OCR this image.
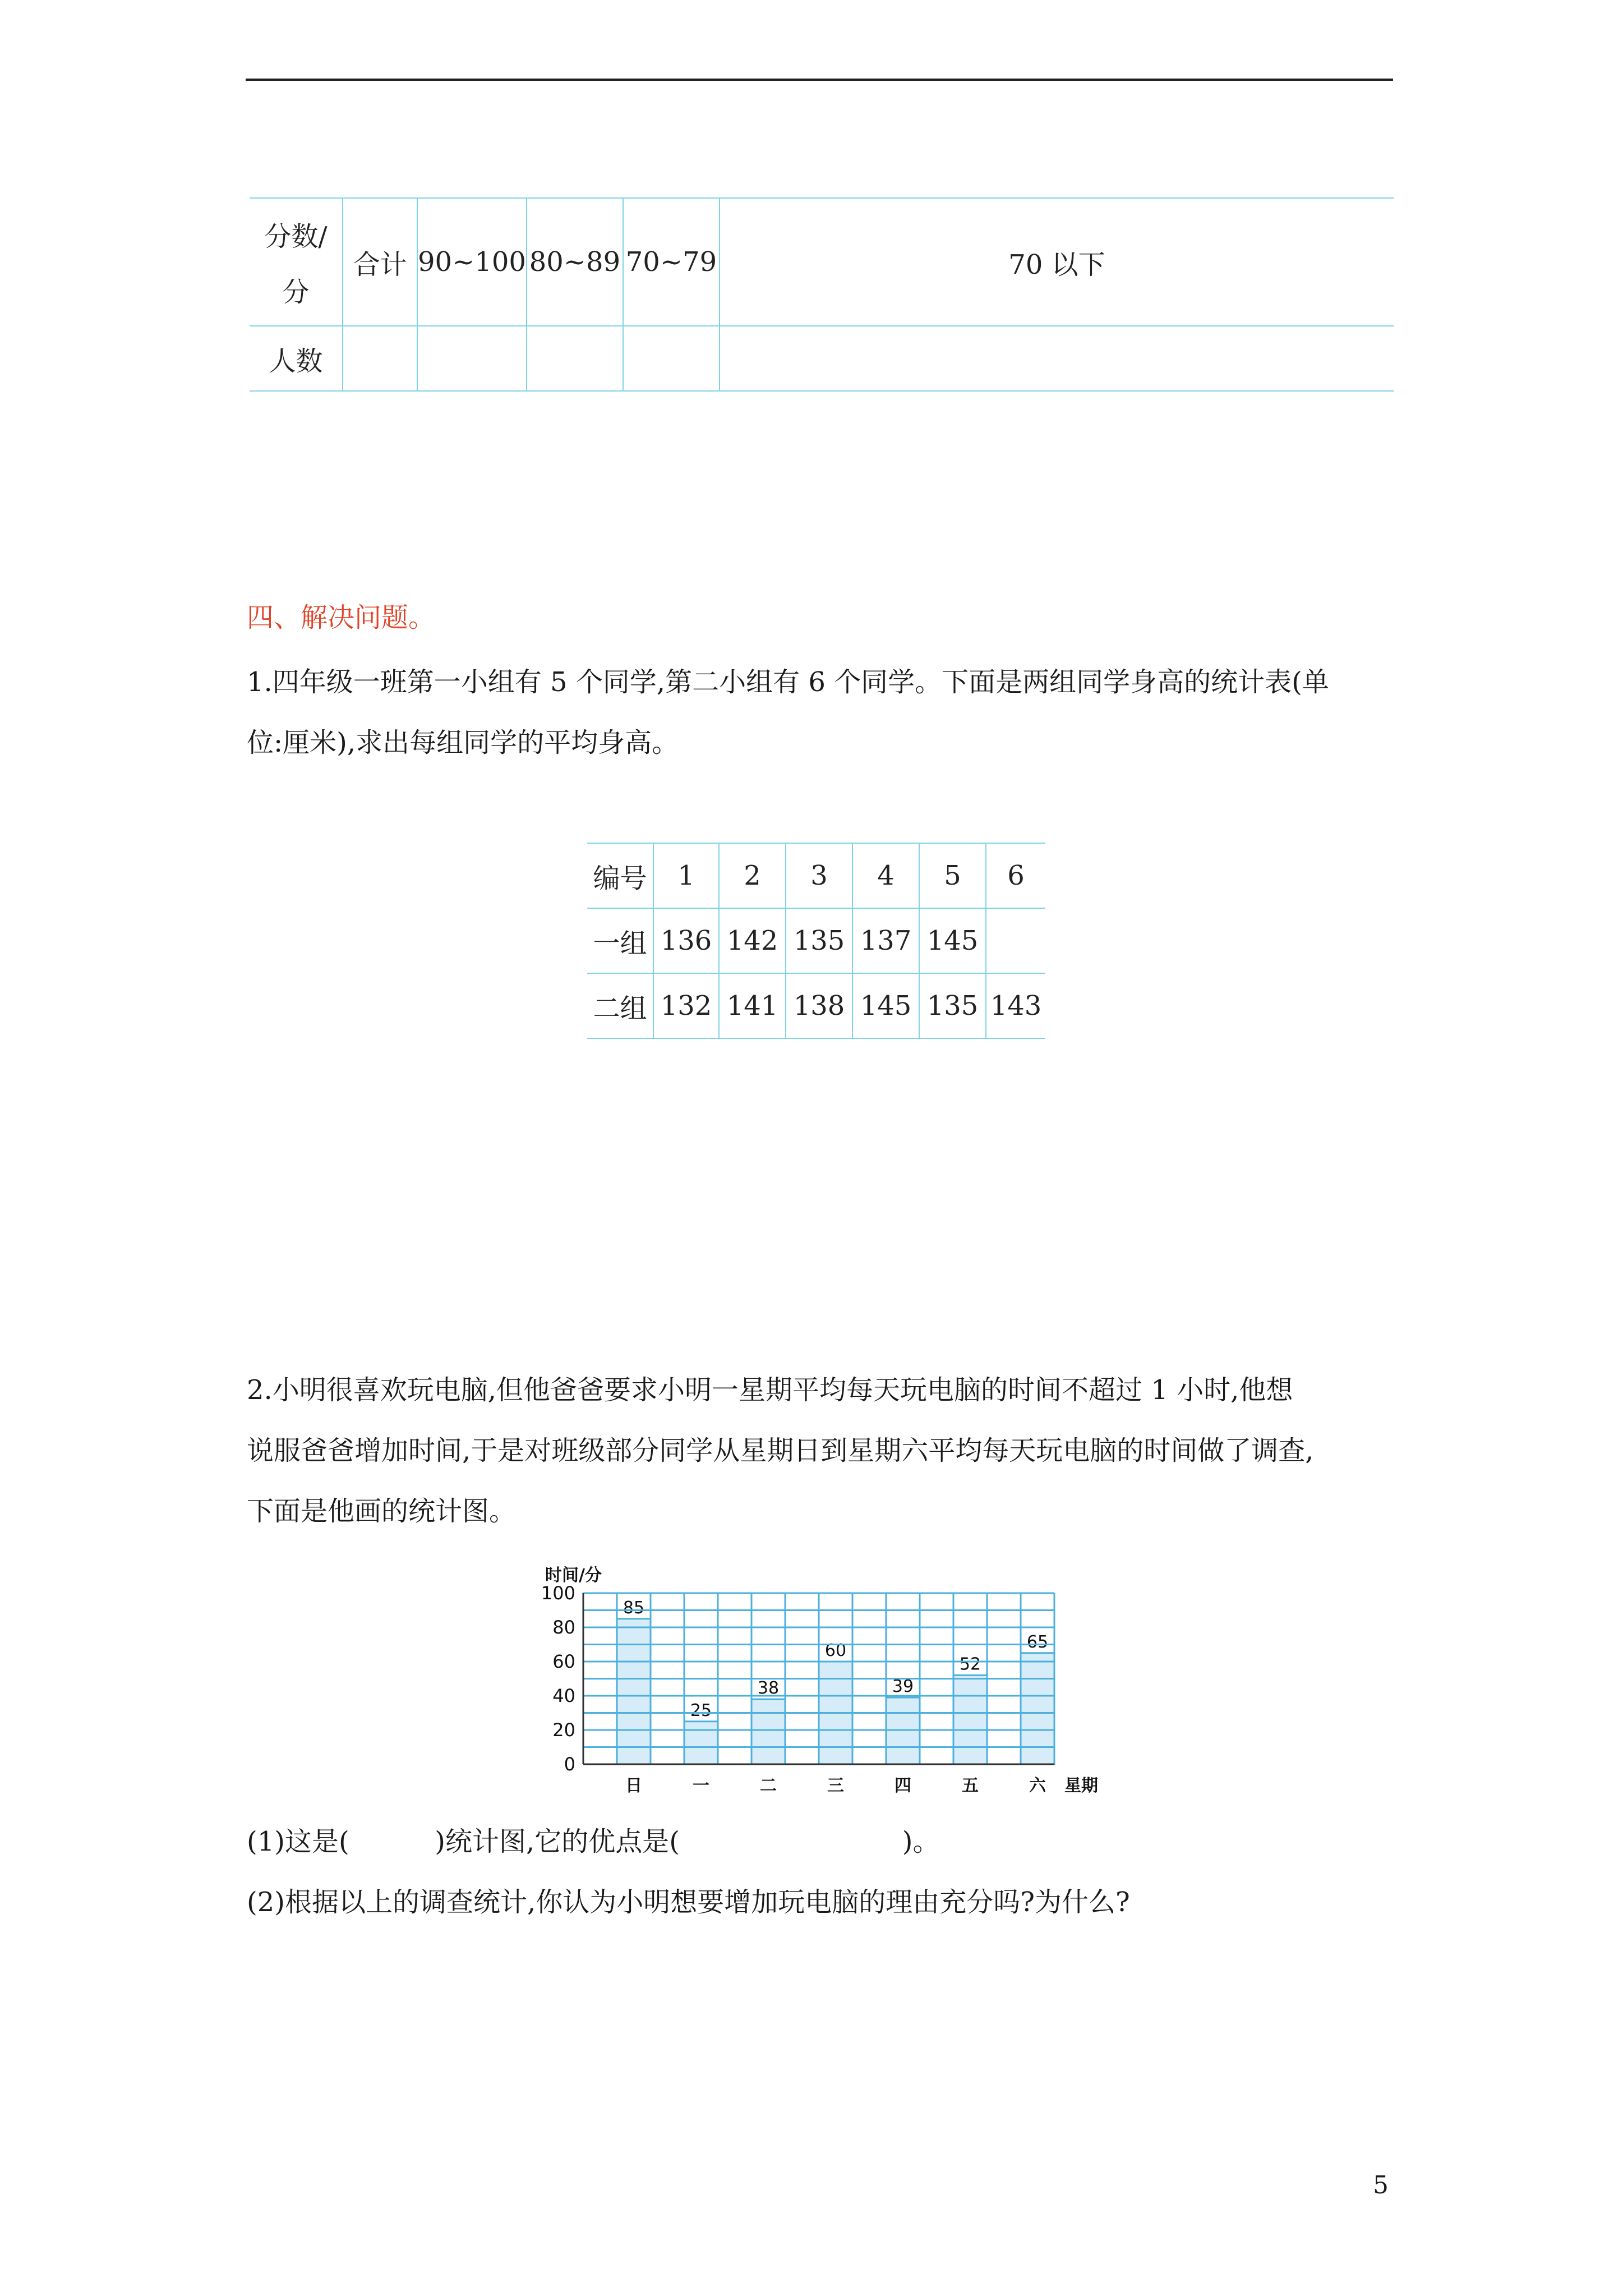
分数/
分	合计	90~100	80~89	70~79	70 以下
人数					
四、解决问题。
1.四年级一班第一小组有 5 个同学,第二小组有 6 个同学。下面是两组同学身高的统计表(单
位:厘米),求出每组同学的平均身高。
编号	1	2	3	4	5	6
一组	136	142	135	137	145	
二组	132	141	138	145	135	143
2.小明很喜欢玩电脑,但他爸爸要求小明一星期平均每天玩电脑的时间不超过 1 小时,他想
说服爸爸增加时间,于是对班级部分同学从星期日到星期六平均每天玩电脑的时间做了调查,
下面是他画的统计图。
85
日
25
一
38
二
60
三
39
四
52
五
65
六
0
20
40
60
80
100
时间/分
星期
(1)这是(          )统计图,它的优点是(                          )。
(2)根据以上的调查统计,你认为小明想要增加玩电脑的理由充分吗?为什么?
5
